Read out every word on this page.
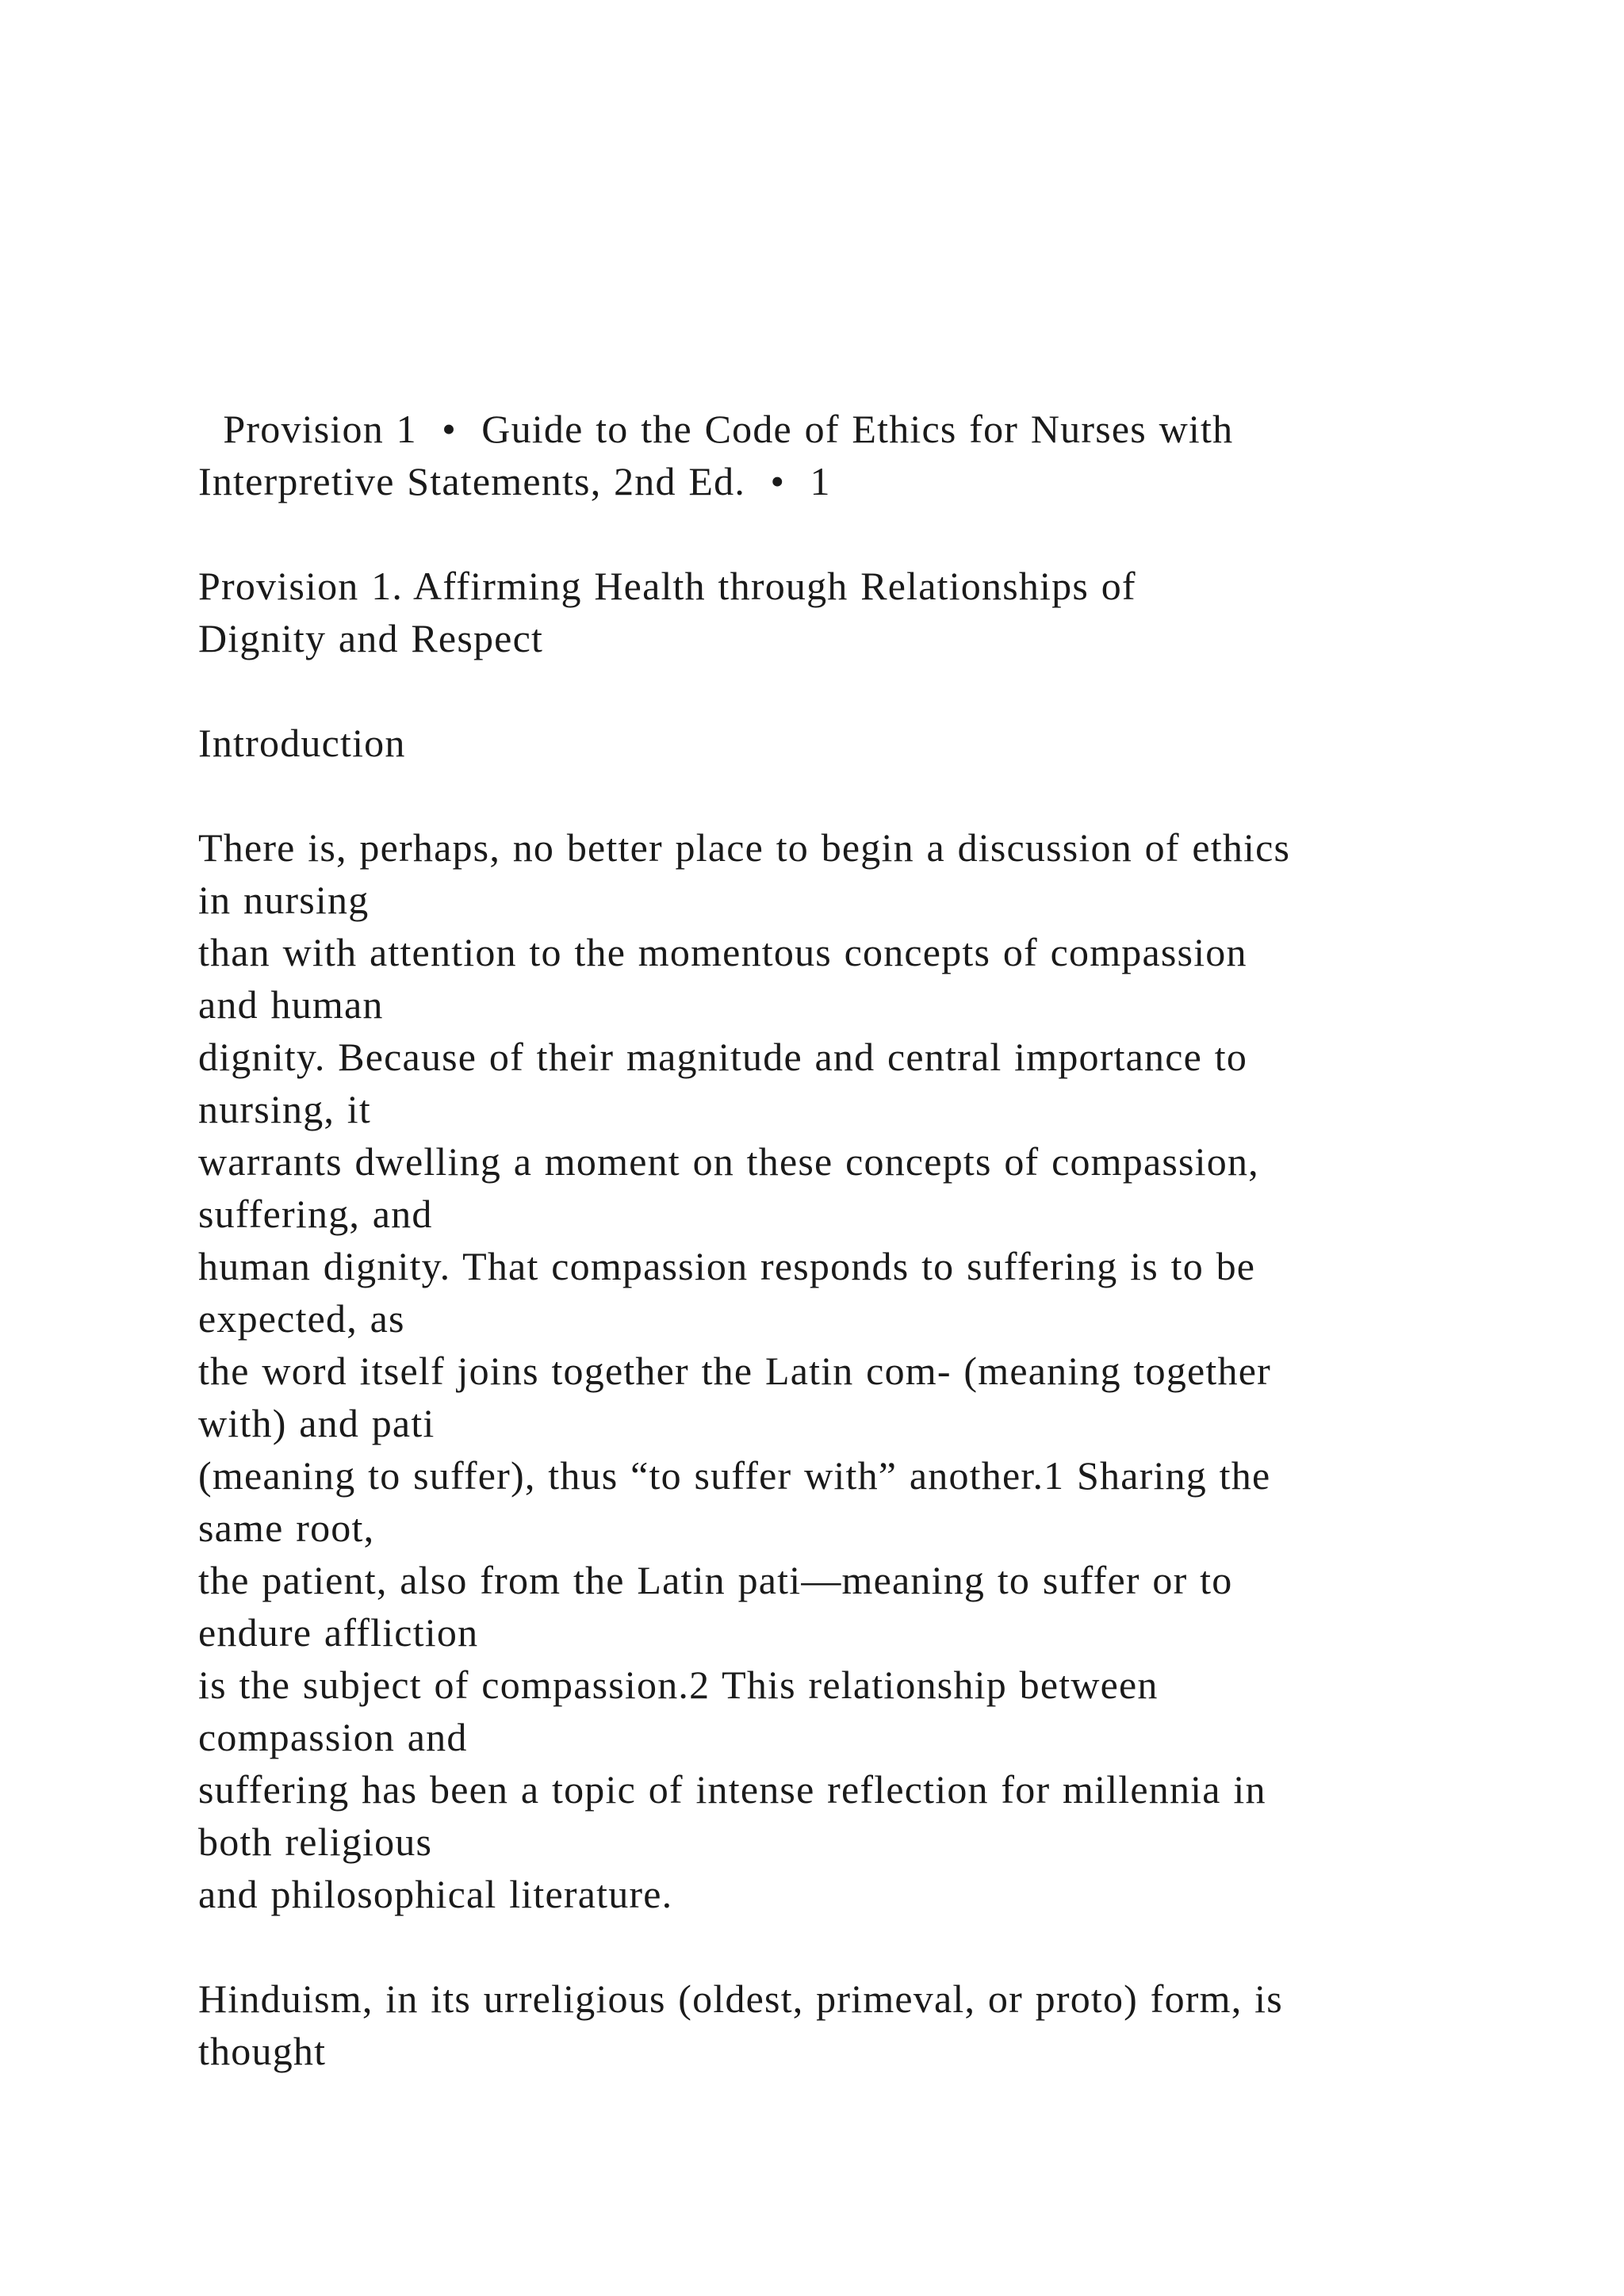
Provision 1  •  Guide to the Code of Ethics for Nurses with
Interpretive Statements, 2nd Ed.  •  1
Provision 1. Affirming Health through Relationships of
Dignity and Respect
Introduction
There is, perhaps, no better place to begin a discussion of ethics
in nursing
than with attention to the momentous concepts of compassion
and human
dignity. Because of their magnitude and central importance to
nursing, it
warrants dwelling a moment on these concepts of compassion,
suffering, and
human dignity. That compassion responds to suffering is to be
expected, as
the word itself joins together the Latin com- (meaning together
with) and pati
(meaning to suffer), thus “to suffer with” another.1 Sharing the
same root,
the patient, also from the Latin pati—meaning to suffer or to
endure affliction
is the subject of compassion.2 This relationship between
compassion and
suffering has been a topic of intense reflection for millennia in
both religious
and philosophical literature.
Hinduism, in its urreligious (oldest, primeval, or proto) form, is
thought
